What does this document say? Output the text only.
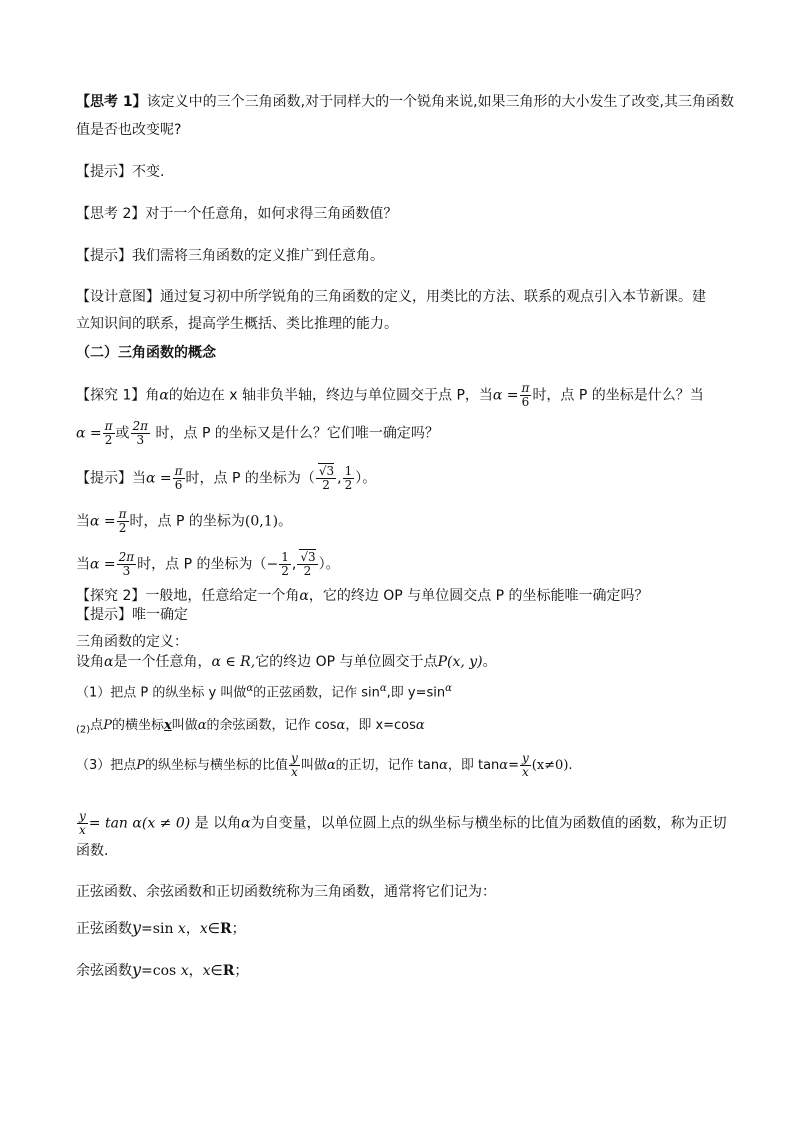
【思考 1】该定义中的三个三角函数,对于同样大的一个锐角来说,如果三角形的大小发生了改变,其三角函数
值是否也改变呢?
【提示】不变.
【思考 2】对于一个任意角，如何求得三角函数值？
【提示】我们需将三角函数的定义推广到任意角。
【设计意图】通过复习初中所学锐角的三角函数的定义，用类比的方法、联系的观点引入本节新课。建
立知识间的联系，提高学生概括、类比推理的能力。
（二）三角函数的概念
【探究 1】角α的始边在 x 轴非负半轴，终边与单位圆交于点 P，当$\alpha = \frac{\pi}{6}$ 时，点 P 的坐标是什么？当
$\alpha = \frac{\pi}{2}$ 或 $\frac{2\pi}{3}$ 时，点 P 的坐标又是什么？它们唯一确定吗？
【提示】当$\alpha = \frac{\pi}{6}$ 时，点 P 的坐标为（ $\frac{√3}{2}$ , $\frac{1}{2}$ ）。
当$\alpha = \frac{\pi}{2}$ 时，点 P 的坐标为(0,1)。
当$\alpha = \frac{2\pi}{3}$ 时，点 P 的坐标为（− $\frac{1}{2}$ , $\frac{√3}{2}$ ）。
【探究 2】一般地，任意给定一个角α，它的终边 OP 与单位圆交点 P 的坐标能唯一确定吗？
【提示】唯一确定
三角函数的定义：
设角α是一个任意角，α ∈ R,它的终边 OP 与单位圆交于点P(x, y)。
（1）把点 P 的纵坐标 y 叫做$^\alpha$的正弦函数，记作 $\sin^\alpha$,即 $y=\sin^\alpha$
$_{(2)}$点P的横坐标x叫做α的余弦函数，记作 cosα，即 x=cosα
（3）把点P的纵坐标与横坐标的比值 $\frac{y}{x}$ 叫做α的正切，记作 tanα，即 $\tan\alpha= \frac{y}{x} (x\ne 0)$.
$\frac{y}{x} = \tan \alpha(x \ne 0)$ 是 以角α为自变量，以单位圆上点的纵坐标与横坐标的比值为函数值的函数，称为正切
函数.
正弦函数、余弦函数和正切函数统称为三角函数，通常将它们记为：
正弦函数y=sin x，x∈R；
余弦函数y=cos x，x∈R；
